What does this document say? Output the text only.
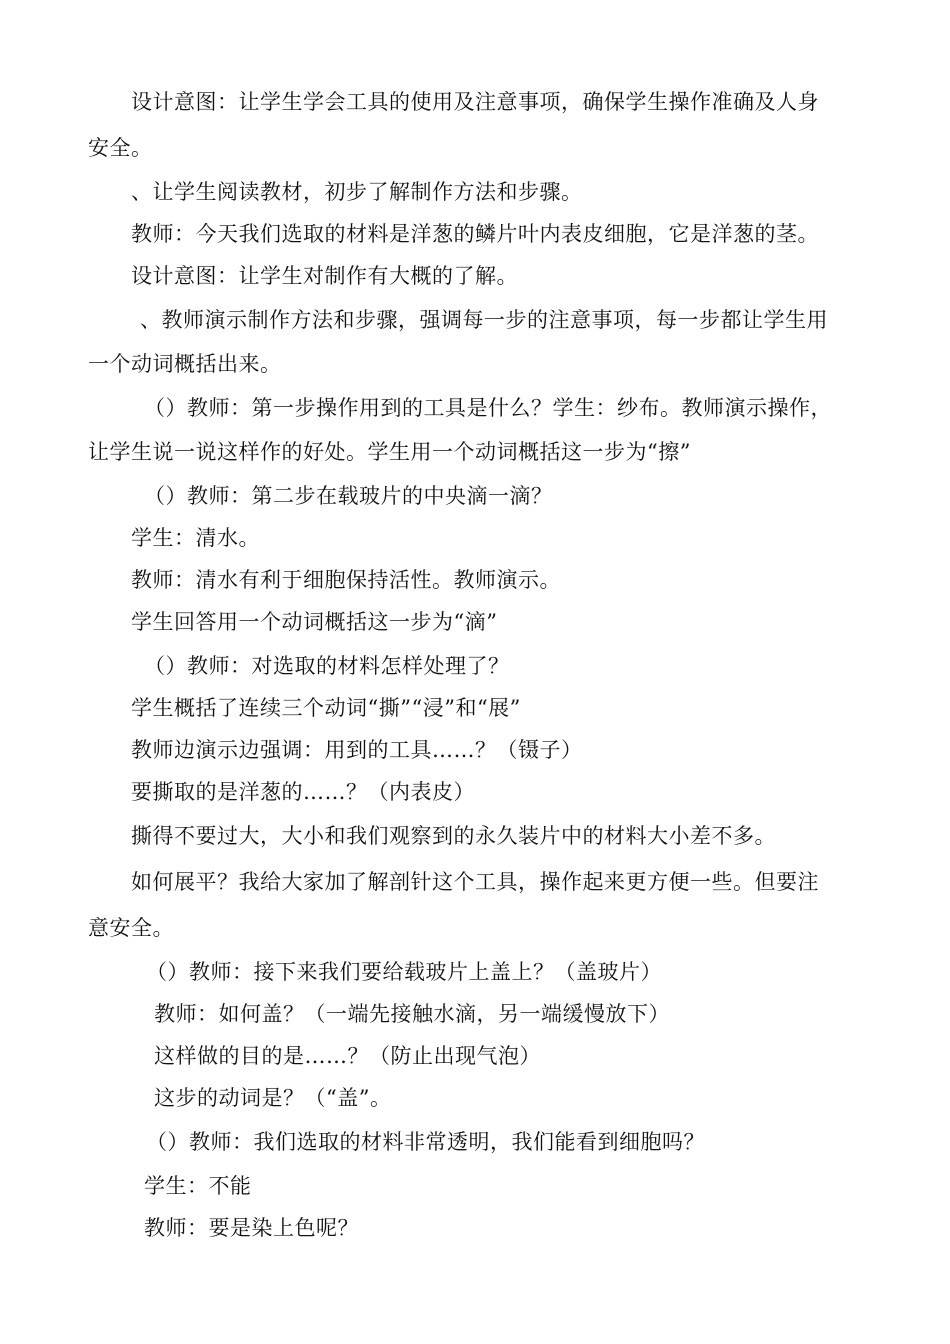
设计意图：让学生学会工具的使用及注意事项，确保学生操作准确及人身
安全。
、让学生阅读教材，初步了解制作方法和步骤。
教师：今天我们选取的材料是洋葱的鳞片叶内表皮细胞，它是洋葱的茎。
设计意图：让学生对制作有大概的了解。
、教师演示制作方法和步骤，强调每一步的注意事项，每一步都让学生用
一个动词概括出来。
（）教师：第一步操作用到的工具是什么？学生：纱布。教师演示操作，
让学生说一说这样作的好处。学生用一个动词概括这一步为“擦”
（）教师：第二步在载玻片的中央滴一滴？
学生：清水。
教师：清水有利于细胞保持活性。教师演示。
学生回答用一个动词概括这一步为“滴”
（）教师：对选取的材料怎样处理了？
学生概括了连续三个动词“撕”“浸”和“展”
教师边演示边强调：用到的工具……？（镊子）
要撕取的是洋葱的……？（内表皮）
撕得不要过大，大小和我们观察到的永久装片中的材料大小差不多。
如何展平？我给大家加了解剖针这个工具，操作起来更方便一些。但要注
意安全。
（）教师：接下来我们要给载玻片上盖上？（盖玻片）
教师：如何盖？（一端先接触水滴，另一端缓慢放下）
这样做的目的是……？（防止出现气泡）
这步的动词是？（“盖”。
（）教师：我们选取的材料非常透明，我们能看到细胞吗？
学生：不能
教师：要是染上色呢？
